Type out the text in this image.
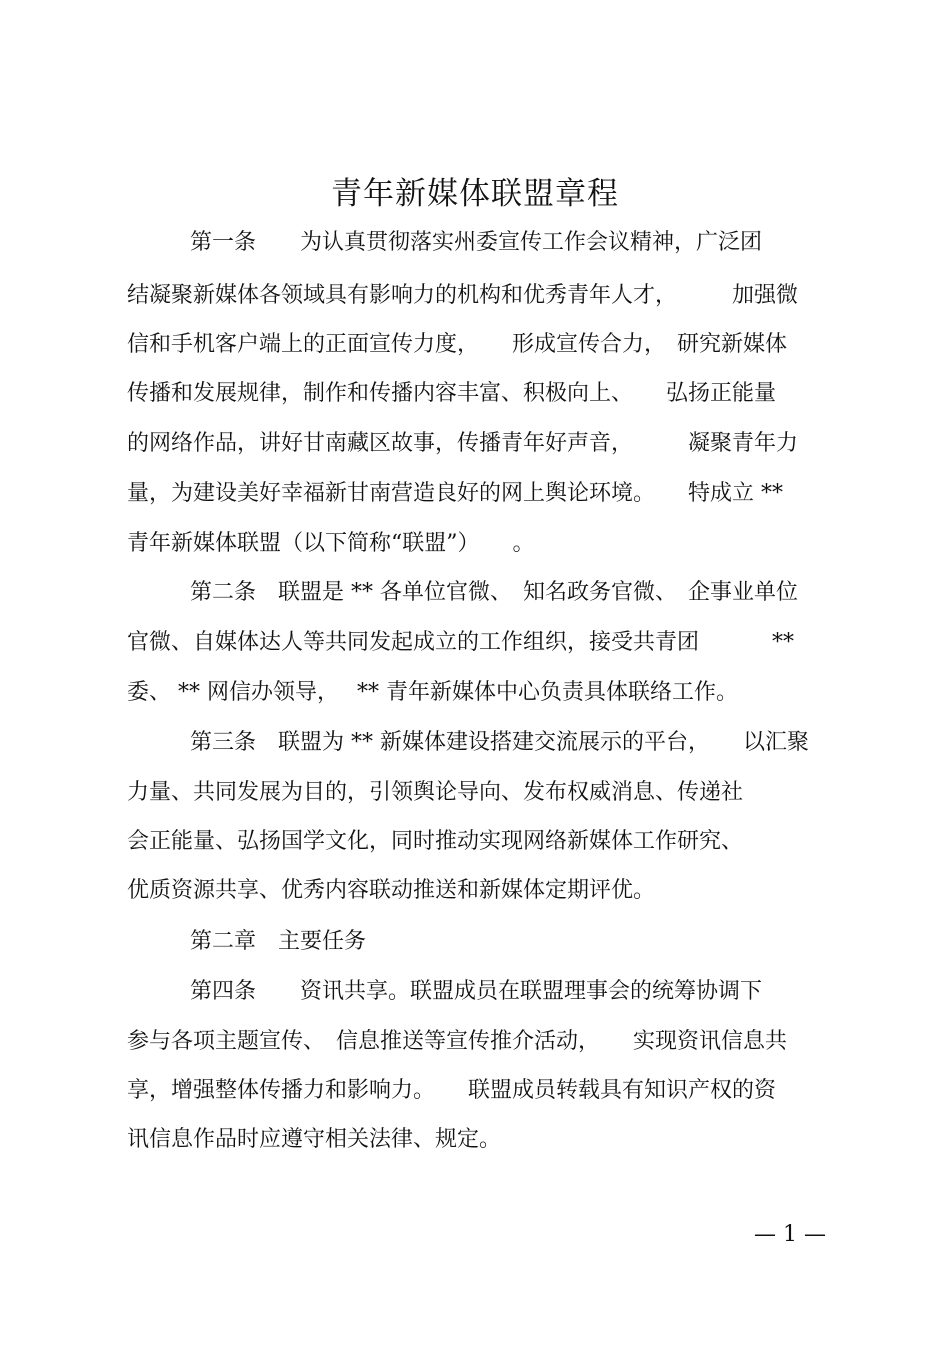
青年新媒体联盟章程
第一条　　为认真贯彻落实州委宣传工作会议精神，广泛团
结凝聚新媒体各领域具有影响力的机构和优秀青年人才，　　　加强微
信和手机客户端上的正面宣传力度，　　形成宣传合力，　研究新媒体
传播和发展规律，制作和传播内容丰富、积极向上、　　弘扬正能量
的网络作品，讲好甘南藏区故事，传播青年好声音，　　　凝聚青年力
量，为建设美好幸福新甘南营造良好的网上舆论环境。　　特成立 **
青年新媒体联盟（以下简称“联盟”）　　。
第二条　联盟是 ** 各单位官微、　知名政务官微、　企事业单位
官微、自媒体达人等共同发起成立的工作组织，接受共青团　　　 **
委、 ** 网信办领导，　 ** 青年新媒体中心负责具体联络工作。
第三条　联盟为 ** 新媒体建设搭建交流展示的平台，　　以汇聚
力量、共同发展为目的，引领舆论导向、发布权威消息、传递社
会正能量、弘扬国学文化，同时推动实现网络新媒体工作研究、
优质资源共享、优秀内容联动推送和新媒体定期评优。
第二章　主要任务
第四条　　资讯共享。联盟成员在联盟理事会的统筹协调下
参与各项主题宣传、　信息推送等宣传推介活动，　　实现资讯信息共
享，增强整体传播力和影响力。　　联盟成员转载具有知识产权的资
讯信息作品时应遵守相关法律、规定。
— 1 —
